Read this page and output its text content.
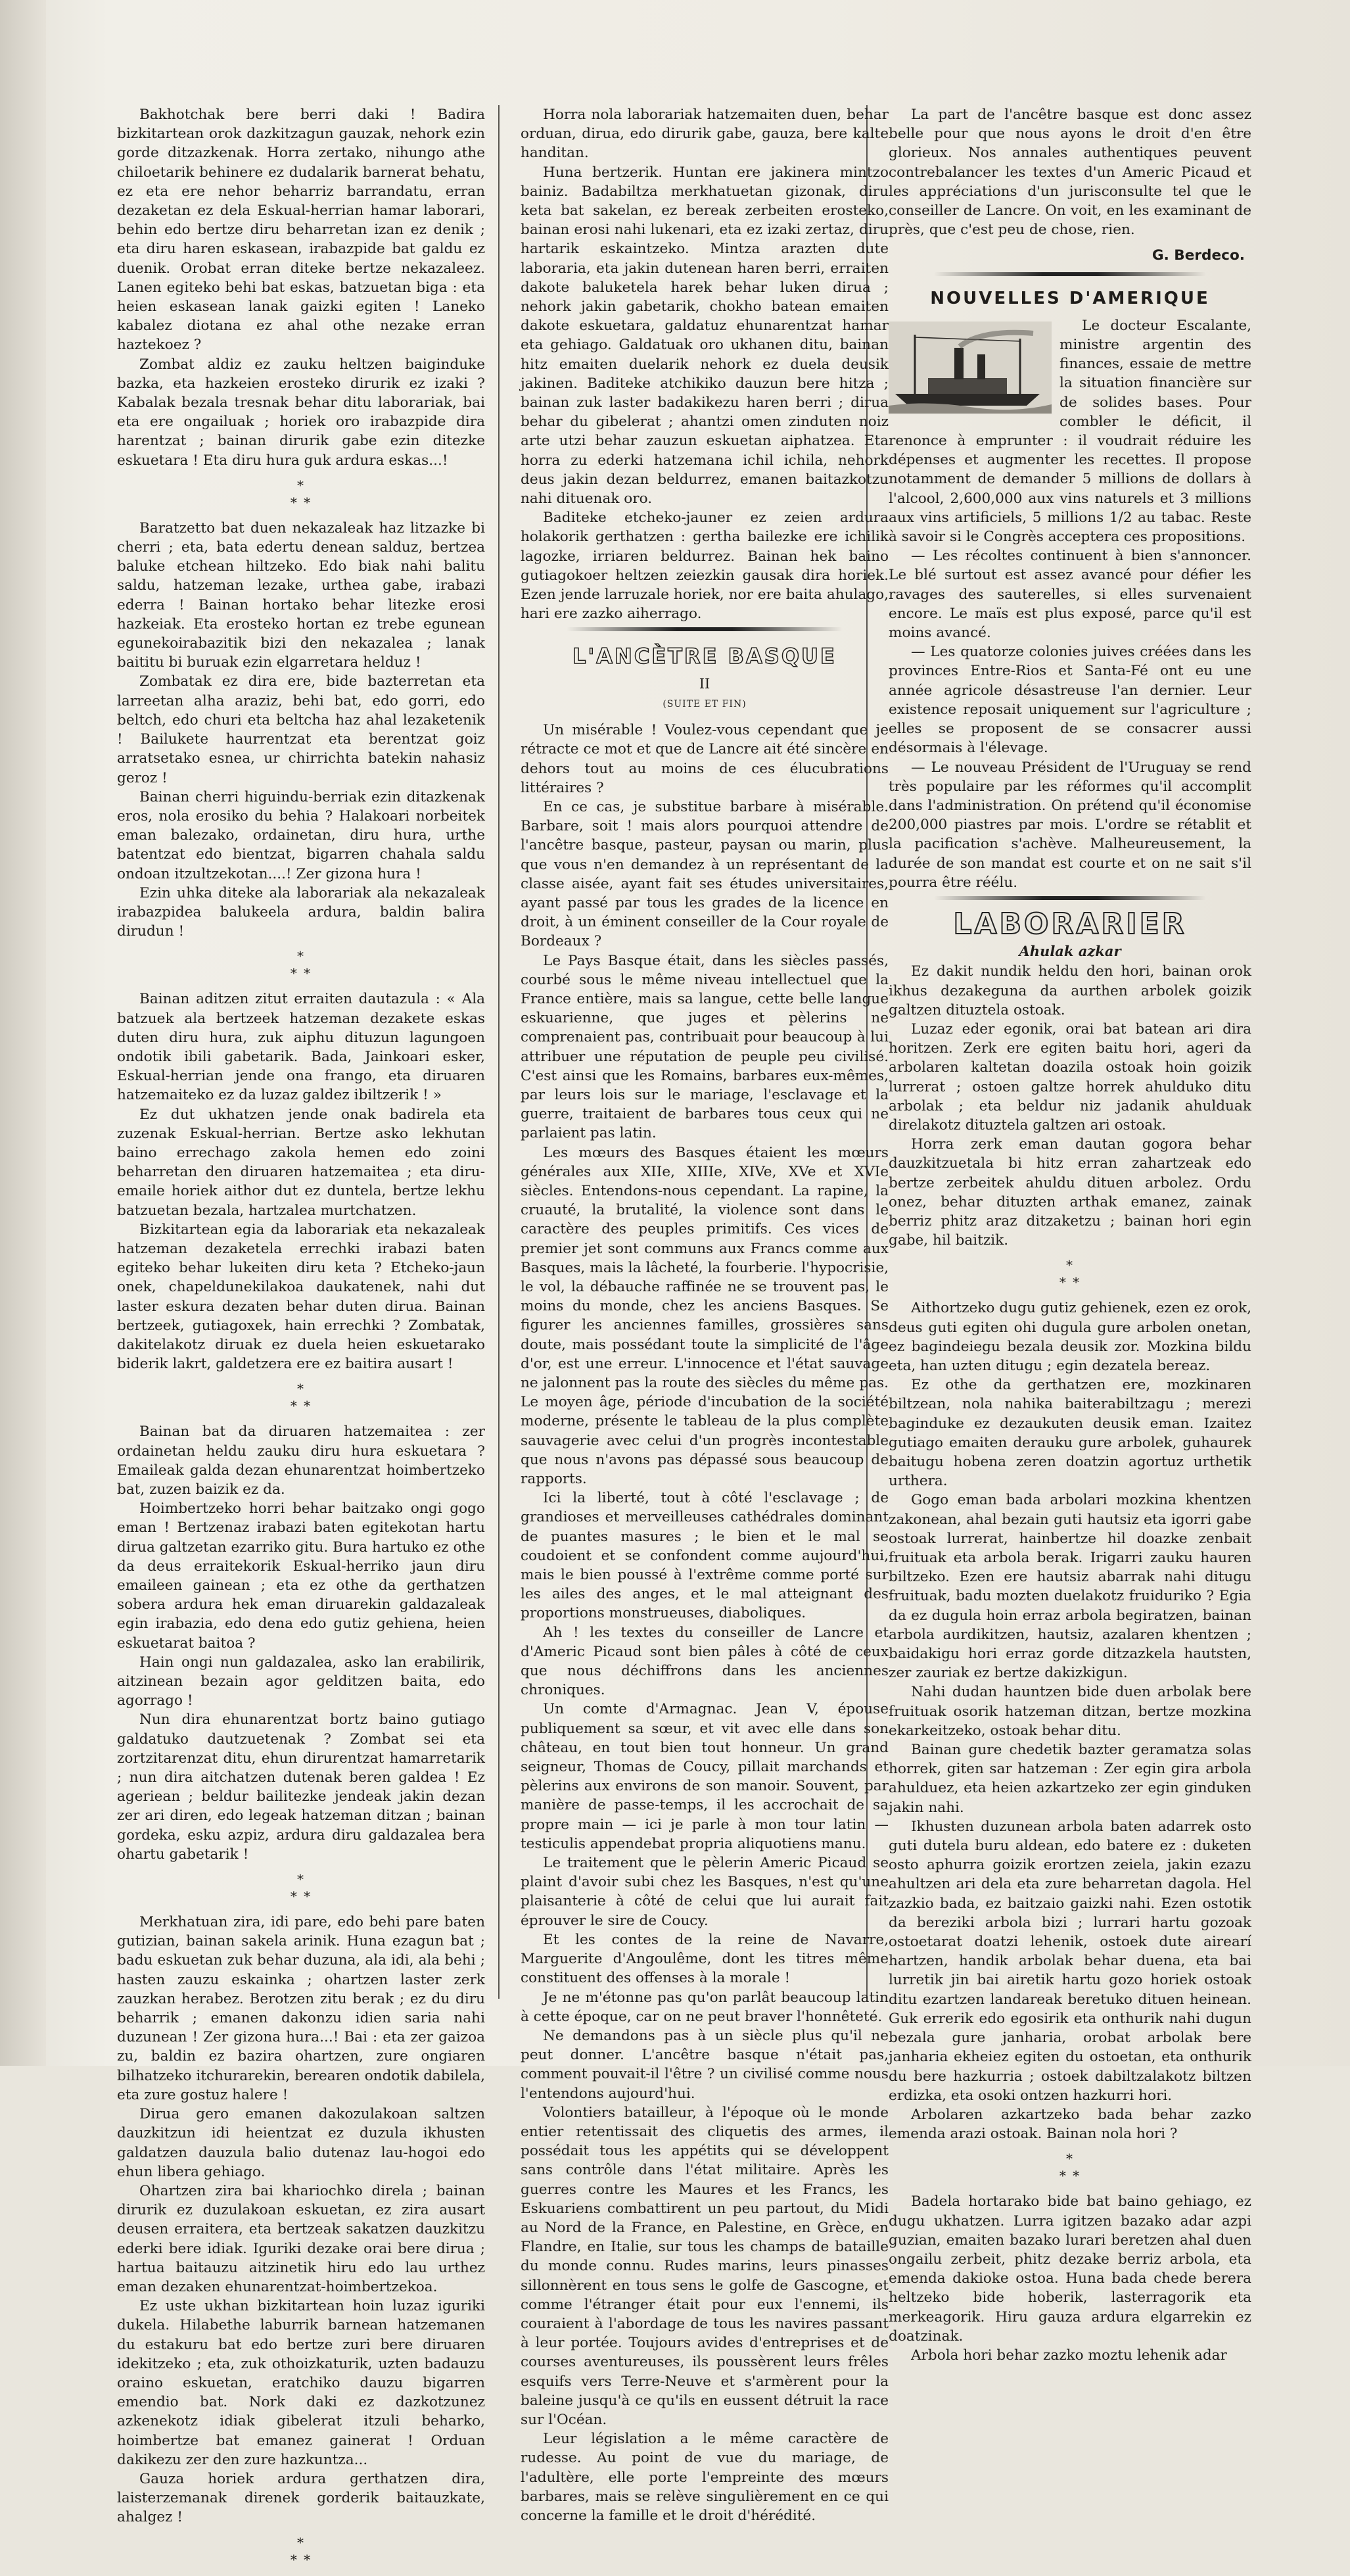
Bakhotchak bere berri daki ! Badira bizkitartean orok dazkitzagun gauzak, nehork ezin gorde ditzazkenak. Horra zertako, nihungo athe chiloetarik behinere ez dudalarik barnerat behatu, ez eta ere nehor beharriz barrandatu, erran dezaketan ez dela Eskual-herrian hamar laborari, behin edo bertze diru beharretan izan ez denik ; eta diru haren eskasean, irabazpide bat galdu ez duenik. Orobat erran diteke bertze nekazaleez. Lanen egiteko behi bat eskas, batzuetan biga : eta heien eskasean lanak gaizki egiten ! Laneko kabalez diotana ez ahal othe nezake erran haztekoez ?

Zombat aldiz ez zauku heltzen baiginduke bazka, eta hazkeien erosteko dirurik ez izaki ? Kabalak bezala tresnak behar ditu laborariak, bai eta ere ongailuak ; horiek oro irabazpide dira harentzat ; bainan dirurik gabe ezin ditezke eskuetara ! Eta diru hura guk ardura eskas...!

*
* *

Baratzetto bat duen nekazaleak haz litzazke bi cherri ; eta, bata edertu denean salduz, bertzea baluke etchean hiltzeko. Edo biak nahi balitu saldu, hatzeman lezake, urthea gabe, irabazi ederra ! Bainan hortako behar litezke erosi hazkeiak. Eta erosteko hortan ez trebe egunean egunekoirabazitik bizi den nekazalea ; lanak baititu bi buruak ezin elgarretara helduz !

Zombatak ez dira ere, bide bazterretan eta larreetan alha araziz, behi bat, edo gorri, edo beltch, edo churi eta beltcha haz ahal lezaketenik ! Bailukete haurrentzat eta berentzat goiz arratsetako esnea, ur chirrichta batekin nahasiz geroz !

Bainan cherri higuindu-berriak ezin ditazkenak eros, nola erosiko du behia ? Halakoari norbeitek eman balezako, ordainetan, diru hura, urthe batentzat edo bientzat, bigarren chahala saldu ondoan itzultzekotan....! Zer gizona hura !

Ezin uhka diteke ala laborariak ala nekazaleak irabazpidea balukeela ardura, baldin balira dirudun !

*
* *

Bainan aditzen zitut erraiten dautazula : « Ala batzuek ala bertzeek hatzeman dezakete eskas duten diru hura, zuk aiphu dituzun lagungoen ondotik ibili gabetarik. Bada, Jainkoari esker, Eskual-herrian jende ona frango, eta diruaren hatzemaiteko ez da luzaz galdez ibiltzerik ! »

Ez dut ukhatzen jende onak badirela eta zuzenak Eskual-herrian. Bertze asko lekhutan baino errechago zakola hemen edo zoini beharretan den diruaren hatzemaitea ; eta diru-emaile horiek aithor dut ez duntela, bertze lekhu batzuetan bezala, hartzalea murtchatzen.

Bizkitartean egia da laborariak eta nekazaleak hatzeman dezaketela errechki irabazi baten egiteko behar lukeiten diru keta ? Etcheko-jaun onek, chapeldunekilakoa daukatenek, nahi dut laster eskura dezaten behar duten dirua. Bainan bertzeek, gutiagoxek, hain errechki ? Zombatak, dakitelakotz diruak ez duela heien eskuetarako biderik lakrt, galdetzera ere ez baitira ausart !

*
* *

Bainan bat da diruaren hatzemaitea : zer ordainetan heldu zauku diru hura eskuetara ? Emaileak galda dezan ehunarentzat hoimbertzeko bat, zuzen baizik ez da.

Hoimbertzeko horri behar baitzako ongi gogo eman ! Bertzenaz irabazi baten egitekotan hartu dirua galtzetan ezarriko gitu. Bura hartuko ez othe da deus erraitekorik Eskual-herriko jaun diru emaileen gainean ; eta ez othe da gerthatzen sobera ardura hek eman diruarekin galdazaleak egin irabazia, edo dena edo gutiz gehiena, heien eskuetarat baitoa ?

Hain ongi nun galdazalea, asko lan erabilirik, aitzinean bezain agor gelditzen baita, edo agorrago !

Nun dira ehunarentzat bortz baino gutiago galdatuko dautzuetenak ? Zombat sei eta zortzitarenzat ditu, ehun dirurentzat hamarretarik ; nun dira aitchatzen dutenak beren galdea ! Ez ageriean ; beldur bailitezke jendeak jakin dezan zer ari diren, edo legeak hatzeman ditzan ; bainan gordeka, esku azpiz, ardura diru galdazalea bera ohartu gabetarik !

*
* *

Merkhatuan zira, idi pare, edo behi pare baten gutizian, bainan sakela arinik. Huna ezagun bat ; badu eskuetan zuk behar duzuna, ala idi, ala behi ; hasten zauzu eskainka ; ohartzen laster zerk zauzkan herabez. Berotzen zitu berak ; ez du diru beharrik ; emanen dakonzu idien saria nahi duzunean ! Zer gizona hura...! Bai : eta zer gaizoa zu, baldin ez bazira ohartzen, zure ongiaren bilhatzeko itchurarekin, berearen ondotik dabilela, eta zure gostuz halere !

Dirua gero emanen dakozulakoan saltzen dauzkitzun idi heientzat ez duzula ikhusten galdatzen dauzula balio dutenaz lau-hogoi edo ehun libera gehiago.

Ohartzen zira bai khariochko direla ; bainan dirurik ez duzulakoan eskuetan, ez zira ausart deusen erraitera, eta bertzeak sakatzen dauzkitzu ederki bere idiak. Iguriki dezake orai bere dirua ; hartua baitauzu aitzinetik hiru edo lau urthez eman dezaken ehunarentzat-hoimbertzekoa.

Ez uste ukhan bizkitartean hoin luzaz iguriki dukela. Hilabethe laburrik barnean hatzemanen du estakuru bat edo bertze zuri bere diruaren idekitzeko ; eta, zuk othoizkaturik, uzten badauzu oraino eskuetan, eratchiko dauzu bigarren emendio bat. Nork daki ez dazkotzunez azkenekotz idiak gibelerat itzuli beharko, hoimbertze bat emanez gainerat ! Orduan dakikezu zer den zure hazkuntza...

Gauza horiek ardura gerthatzen dira, laisterzemanak direnek gorderik baitauzkate, ahalgez !

*
* *

Horra nola laborariak hatzemaiten duen, behar orduan, dirua, edo dirurik gabe, gauza, bere kalte handitan.

Huna bertzerik. Huntan ere jakinera mintzo bainiz. Badabiltza merkhatuetan gizonak, diru keta bat sakelan, ez bereak zerbeiten erosteko, bainan erosi nahi lukenari, eta ez izaki zertaz, diru hartarik eskaintzeko. Mintza arazten dute laboraria, eta jakin dutenean haren berri, erraiten dakote baluketela harek behar luken dirua ; nehork jakin gabetarik, chokho batean emaiten dakote eskuetara, galdatuz ehunarentzat hamar eta gehiago. Galdatuak oro ukhanen ditu, bainan hitz emaiten duelarik nehork ez duela deusik jakinen. Baditeke atchikiko dauzun bere hitza ; bainan zuk laster badakikezu haren berri ; dirua behar du gibelerat ; ahantzi omen zinduten noiz arte utzi behar zauzun eskuetan aiphatzea. Eta horra zu ederki hatzemana ichil ichila, nehork deus jakin dezan beldurrez, emanen baitazkotzu nahi dituenak oro.

Baditeke etcheko-jauner ez zeien ardura holakorik gerthatzen : gertha bailezke ere ichilik lagozke, irriaren beldurrez. Bainan hek baino gutiagokoer heltzen zeiezkin gausak dira horiek. Ezen jende larruzale horiek, nor ere baita ahulago, hari ere zazko aiherrago.

L'ANCÈTRE BASQUE
II
(SUITE ET FIN)

Un misérable ! Voulez-vous cependant que je rétracte ce mot et que de Lancre ait été sincère en dehors tout au moins de ces élucubrations littéraires ?

En ce cas, je substitue barbare à misérable. Barbare, soit ! mais alors pourquoi attendre de l'ancêtre basque, pasteur, paysan ou marin, plus que vous n'en demandez à un représentant de la classe aisée, ayant fait ses études universitaires, ayant passé par tous les grades de la licence en droit, à un éminent conseiller de la Cour royale de Bordeaux ?

Le Pays Basque était, dans les siècles passés, courbé sous le même niveau intellectuel que la France entière, mais sa langue, cette belle langue eskuarienne, que juges et pèlerins ne comprenaient pas, contribuait pour beaucoup à lui attribuer une réputation de peuple peu civilisé. C'est ainsi que les Romains, barbares eux-mêmes, par leurs lois sur le mariage, l'esclavage et la guerre, traitaient de barbares tous ceux qui ne parlaient pas latin.

Les mœurs des Basques étaient les mœurs générales aux XIIe, XIIIe, XIVe, XVe et XVIe siècles. Entendons-nous cependant. La rapine, la cruauté, la brutalité, la violence sont dans le caractère des peuples primitifs. Ces vices de premier jet sont communs aux Francs comme aux Basques, mais la lâcheté, la fourberie. l'hypocrisie, le vol, la débauche raffinée ne se trouvent pas, le moins du monde, chez les anciens Basques. Se figurer les anciennes familles, grossières sans doute, mais possédant toute la simplicité de l'âge d'or, est une erreur. L'innocence et l'état sauvage ne jalonnent pas la route des siècles du même pas. Le moyen âge, période d'incubation de la société moderne, présente le tableau de la plus complète sauvagerie avec celui d'un progrès incontestable que nous n'avons pas dépassé sous beaucoup de rapports.

Ici la liberté, tout à côté l'esclavage ; de grandioses et merveilleuses cathédrales dominant de puantes masures ; le bien et le mal se coudoient et se confondent comme aujourd'hui, mais le bien poussé à l'extrême comme porté sur les ailes des anges, et le mal atteignant des proportions monstrueuses, diaboliques.

Ah ! les textes du conseiller de Lancre et d'Americ Picaud sont bien pâles à côté de ceux que nous déchiffrons dans les anciennes chroniques.

Un comte d'Armagnac. Jean V, épouse publiquement sa sœur, et vit avec elle dans son château, en tout bien tout honneur. Un grand seigneur, Thomas de Coucy, pillait marchands et pèlerins aux environs de son manoir. Souvent, par manière de passe-temps, il les accrochait de sa propre main — ici je parle à mon tour latin — testiculis appendebat propria aliquotiens manu.

Le traitement que le pèlerin Americ Picaud se plaint d'avoir subi chez les Basques, n'est qu'une plaisanterie à côté de celui que lui aurait fait éprouver le sire de Coucy.

Et les contes de la reine de Navarre, Marguerite d'Angoulême, dont les titres même constituent des offenses à la morale !

Je ne m'étonne pas qu'on parlât beaucoup latin à cette époque, car on ne peut braver l'honnêteté.

Ne demandons pas à un siècle plus qu'il ne peut donner. L'ancêtre basque n'était pas, comment pouvait-il l'être ? un civilisé comme nous l'entendons aujourd'hui.

Volontiers batailleur, à l'époque où le monde entier retentissait des cliquetis des armes, il possédait tous les appétits qui se développent sans contrôle dans l'état militaire. Après les guerres contre les Maures et les Francs, les Eskuariens combattirent un peu partout, du Midi au Nord de la France, en Palestine, en Grèce, en Flandre, en Italie, sur tous les champs de bataille du monde connu. Rudes marins, leurs pinasses sillonnèrent en tous sens le golfe de Gascogne, et comme l'étranger était pour eux l'ennemi, ils couraient à l'abordage de tous les navires passant à leur portée. Toujours avides d'entreprises et de courses aventureuses, ils poussèrent leurs frêles esquifs vers Terre-Neuve et s'armèrent pour la baleine jusqu'à ce qu'ils en eussent détruit la race sur l'Océan.

Leur législation a le même caractère de rudesse. Au point de vue du mariage, de l'adultère, elle porte l'empreinte des mœurs barbares, mais se relève singulièrement en ce qui concerne la famille et le droit d'hérédité.

La part de l'ancêtre basque est donc assez belle pour que nous ayons le droit d'en être glorieux. Nos annales authentiques peuvent contrebalancer les textes d'un Americ Picaud et les appréciations d'un jurisconsulte tel que le conseiller de Lancre. On voit, en les examinant de près, que c'est peu de chose, rien.

G. Berdeco.
NOUVELLES D'AMERIQUE

Le docteur Escalante, ministre argentin des finances, essaie de mettre la situation financière sur de solides bases. Pour combler le déficit, il renonce à emprunter : il voudrait réduire les dépenses et augmenter les recettes. Il propose notamment de demander 5 millions de dollars à l'alcool, 2,600,000 aux vins naturels et 3 millions aux vins artificiels, 5 millions 1/2 au tabac. Reste à savoir si le Congrès acceptera ces propositions.

— Les récoltes continuent à bien s'annoncer. Le blé surtout est assez avancé pour défier les ravages des sauterelles, si elles survenaient encore. Le maïs est plus exposé, parce qu'il est moins avancé.

— Les quatorze colonies juives créées dans les provinces Entre-Rios et Santa-Fé ont eu une année agricole désastreuse l'an dernier. Leur existence reposait uniquement sur l'agriculture ; elles se proposent de se consacrer aussi désormais à l'élevage.

— Le nouveau Président de l'Uruguay se rend très populaire par les réformes qu'il accomplit dans l'administration. On prétend qu'il économise 200,000 piastres par mois. L'ordre se rétablit et la pacification s'achève. Malheureusement, la durée de son mandat est courte et on ne sait s'il pourra être réélu.

LABORARIER
Ahulak azkar

Ez dakit nundik heldu den hori, bainan orok ikhus dezakeguna da aurthen arbolek goizik galtzen dituztela ostoak.

Luzaz eder egonik, orai bat batean ari dira horitzen. Zerk ere egiten baitu hori, ageri da arbolaren kaltetan doazila ostoak hoin goizik lurrerat ; ostoen galtze horrek ahulduko ditu arbolak ; eta beldur niz jadanik ahulduak direlakotz dituztela galtzen ari ostoak.

Horra zerk eman dautan gogora behar dauzkitzuetala bi hitz erran zahartzeak edo bertze zerbeitek ahuldu dituen arbolez. Ordu onez, behar dituzten arthak emanez, zainak berriz phitz araz ditzaketzu ; bainan hori egin gabe, hil baitzik.

*
* *

Aithortzeko dugu gutiz gehienek, ezen ez orok, deus guti egiten ohi dugula gure arbolen onetan, ez bagindeiegu bezala deusik zor. Mozkina bildu eta, han uzten ditugu ; egin dezatela bereaz.

Ez othe da gerthatzen ere, mozkinaren biltzean, nola nahika baiterabiltzagu ; merezi baginduke ez dezaukuten deusik eman. Izaitez gutiago emaiten derauku gure arbolek, guhaurek baitugu hobena zeren doatzin agortuz urthetik urthera.

Gogo eman bada arbolari mozkina khentzen zakonean, ahal bezain guti hautsiz eta igorri gabe ostoak lurrerat, hainbertze hil doazke zenbait fruituak eta arbola berak. Irigarri zauku hauren biltzeko. Ezen ere hautsiz abarrak nahi ditugu fruituak, badu mozten duelakotz fruiduriko ? Egia da ez dugula hoin erraz arbola begiratzen, bainan arbola aurdikitzen, hautsiz, azalaren khentzen ; baidakigu hori erraz gorde ditzazkela hautsten, zer zauriak ez bertze dakizkigun.

Nahi dudan hauntzen bide duen arbolak bere fruituak osorik hatzeman ditzan, bertze mozkina ekarkeitzeko, ostoak behar ditu.

Bainan gure chedetik bazter geramatza solas horrek, giten sar hatzeman : Zer egin gira arbola ahulduez, eta heien azkartzeko zer egin ginduken jakin nahi.

Ikhusten duzunean arbola baten adarrek osto guti dutela buru aldean, edo batere ez : duketen osto aphurra goizik erortzen zeiela, jakin ezazu ahultzen ari dela eta zure beharretan dagola. Hel zazkio bada, ez baitzaio gaizki nahi. Ezen ostotik da bereziki arbola bizi ; lurrari hartu gozoak ostoetarat doatzi lehenik, ostoek dute airearí hartzen, handik arbolak behar duena, eta bai lurretik jin bai airetik hartu gozo horiek ostoak ditu ezartzen landareak beretuko dituen heinean. Guk errerik edo egosirik eta onthurik nahi dugun bezala gure janharia, orobat arbolak bere janharia ekheiez egiten du ostoetan, eta onthurik du bere hazkurria ; ostoek dabiltzalakotz biltzen erdizka, eta osoki ontzen hazkurri hori.

Arbolaren azkartzeko bada behar zazko emenda arazi ostoak. Bainan nola hori ?

*
* *

Badela hortarako bide bat baino gehiago, ez dugu ukhatzen. Lurra igitzen bazako adar azpi guzian, emaiten bazako lurari beretzen ahal duen ongailu zerbeit, phitz dezake berriz arbola, eta emenda dakioke ostoa. Huna bada chede berera heltzeko bide hoberik, lasterragorik eta merkeagorik. Hiru gauza ardura elgarrekin ez doatzinak.

Arbola hori behar zazko moztu lehenik adar
